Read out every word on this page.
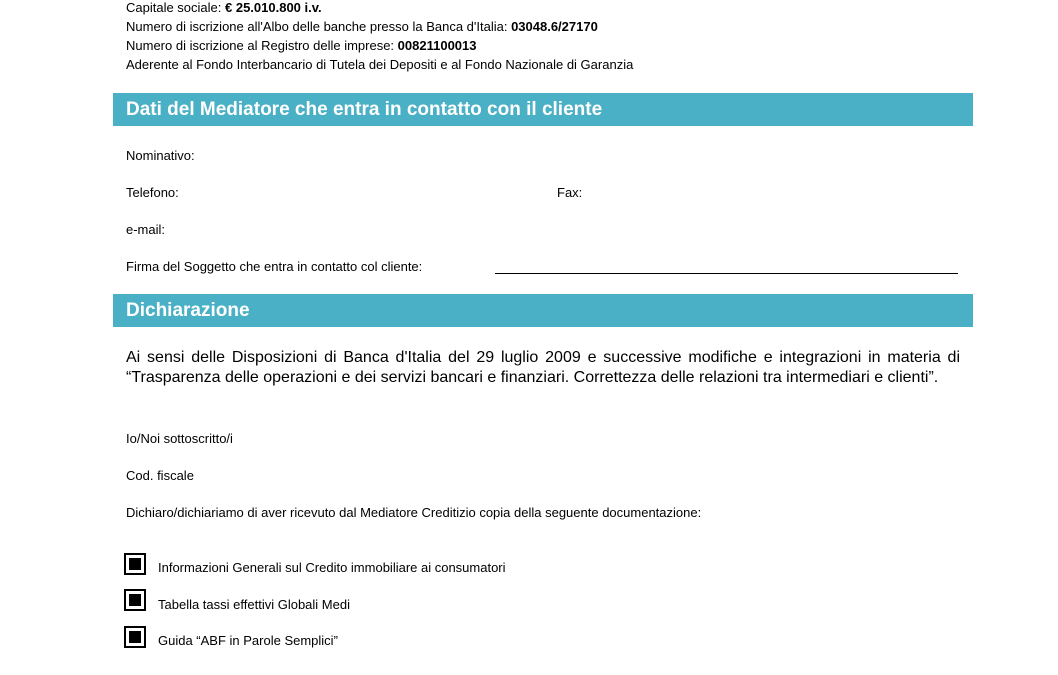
Capitale sociale: € 25.010.800 i.v.
Numero di iscrizione all'Albo delle banche presso la Banca d'Italia: 03048.6/27170
Numero di iscrizione al Registro delle imprese: 00821100013
Aderente al Fondo Interbancario di Tutela dei Depositi e al Fondo Nazionale di Garanzia
Dati del Mediatore che entra in contatto con il cliente
Nominativo:
Telefono:	Fax:
e-mail:
Firma del Soggetto che entra in contatto col cliente:
Dichiarazione
Ai sensi delle Disposizioni di Banca d'Italia del 29 luglio 2009 e successive modifiche e integrazioni in materia di “Trasparenza delle operazioni e dei servizi bancari e finanziari. Correttezza delle relazioni tra intermediari e clienti”.
Io/Noi sottoscritto/i
Cod. fiscale
Dichiaro/dichiariamo di aver ricevuto dal Mediatore Creditizio copia della seguente documentazione:
Informazioni Generali sul Credito immobiliare ai consumatori
Tabella tassi effettivi Globali Medi
Guida “ABF in Parole Semplici”
